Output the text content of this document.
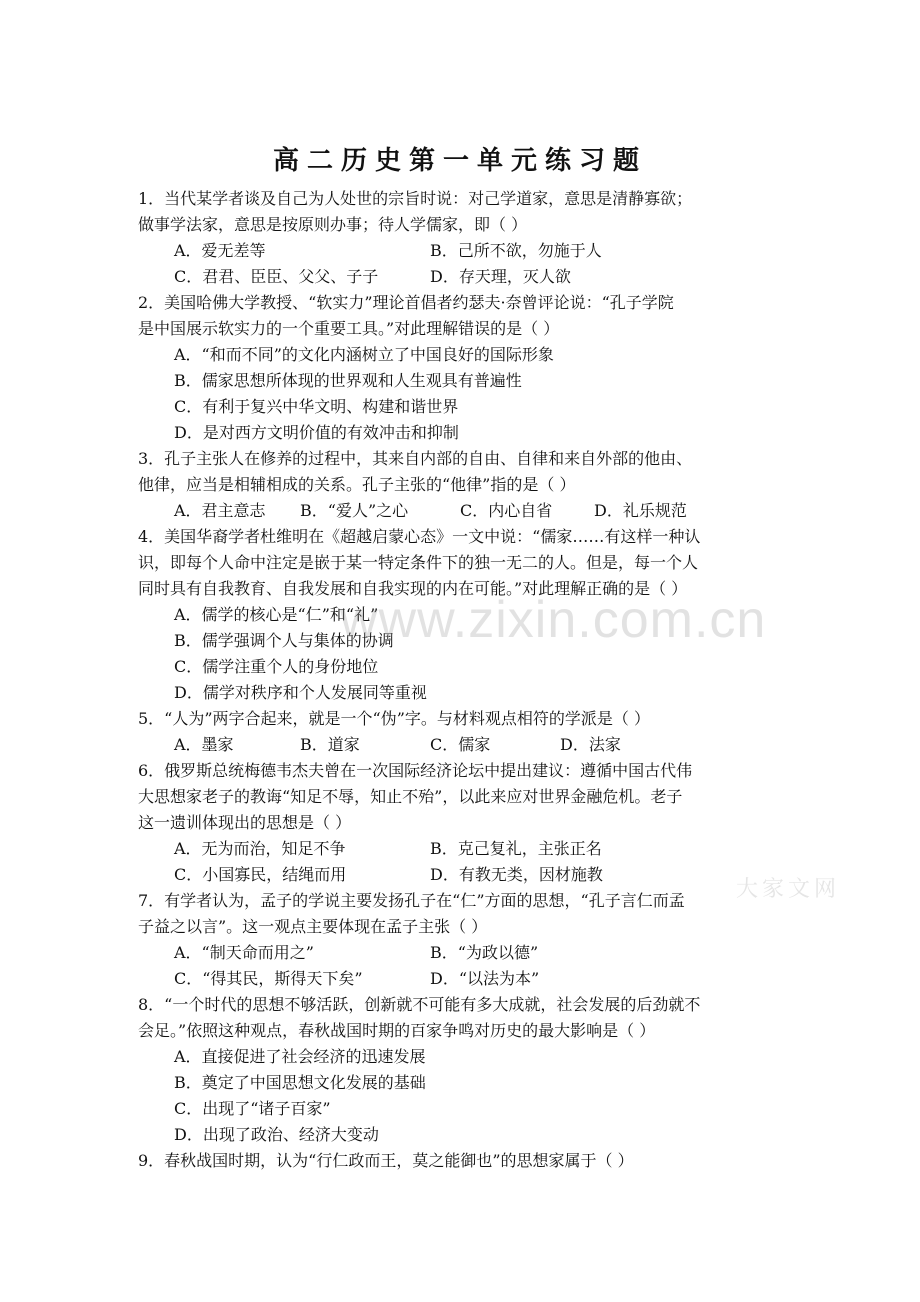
高二历史第一单元练习题
1．当代某学者谈及自己为人处世的宗旨时说：对己学道家，意思是清静寡欲；
做事学法家，意思是按原则办事；待人学儒家，即（ ）
A．爱无差等	B．己所不欲，勿施于人
C．君君、臣臣、父父、子子	D．存天理，灭人欲
2．美国哈佛大学教授、“软实力”理论首倡者约瑟夫·奈曾评论说：“孔子学院
是中国展示软实力的一个重要工具。”对此理解错误的是（ ）
A．“和而不同”的文化内涵树立了中国良好的国际形象
B．儒家思想所体现的世界观和人生观具有普遍性
C．有利于复兴中华文明、构建和谐世界
D．是对西方文明价值的有效冲击和抑制
3．孔子主张人在修养的过程中，其来自内部的自由、自律和来自外部的他由、
他律，应当是相辅相成的关系。孔子主张的“他律”指的是（ ）
A．君主意志 B．“爱人”之心	C．内心自省	D．礼乐规范
4．美国华裔学者杜维明在《超越启蒙心态》一文中说：“儒家……有这样一种认
识，即每个人命中注定是嵌于某一特定条件下的独一无二的人。但是，每一个人
同时具有自我教育、自我发展和自我实现的内在可能。”对此理解正确的是（ ）
A．儒学的核心是“仁”和“礼”
B．儒学强调个人与集体的协调
C．儒学注重个人的身份地位
D．儒学对秩序和个人发展同等重视
5．“人为”两字合起来，就是一个“伪”字。与材料观点相符的学派是（ ）
A．墨家	B．道家	C．儒家	D．法家
6．俄罗斯总统梅德韦杰夫曾在一次国际经济论坛中提出建议：遵循中国古代伟
大思想家老子的教诲“知足不辱，知止不殆”，以此来应对世界金融危机。老子
这一遗训体现出的思想是（ ）
A．无为而治，知足不争	B．克己复礼，主张正名
C．小国寡民，结绳而用	D．有教无类，因材施教
7．有学者认为，孟子的学说主要发扬孔子在“仁”方面的思想，“孔子言仁而孟
子益之以言”。这一观点主要体现在孟子主张（ ）
A．“制天命而用之”	B．“为政以德”
C．“得其民，斯得天下矣”	D．“以法为本”
8．“一个时代的思想不够活跃，创新就不可能有多大成就，社会发展的后劲就不
会足。”依照这种观点，春秋战国时期的百家争鸣对历史的最大影响是（ ）
A．直接促进了社会经济的迅速发展
B．奠定了中国思想文化发展的基础
C．出现了“诸子百家”
D．出现了政治、经济大变动
9．春秋战国时期，认为“行仁政而王，莫之能御也”的思想家属于（ ）
www.zixin.com.cn
大家文网
